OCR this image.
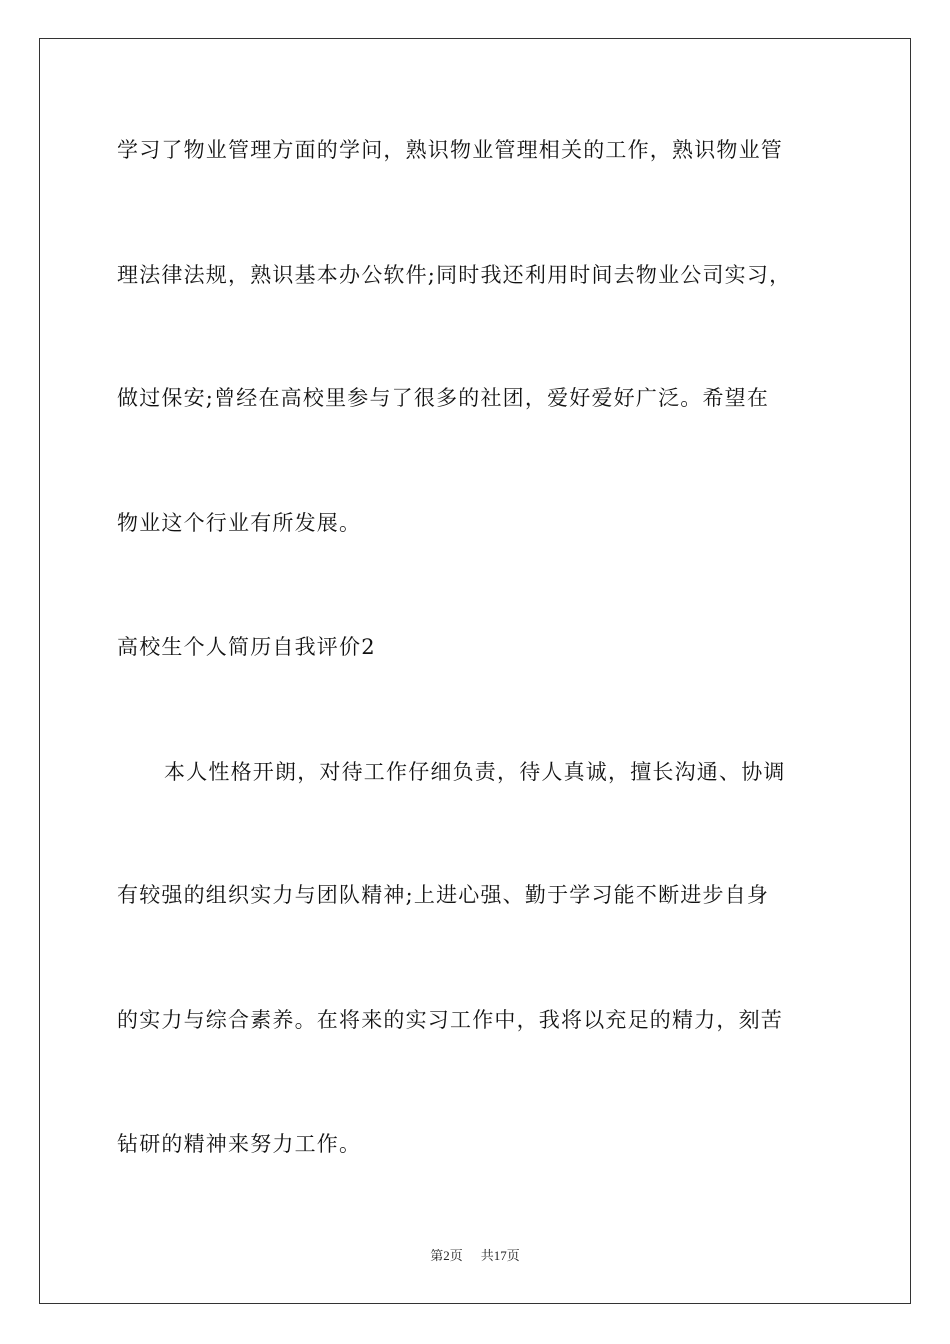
学习了物业管理方面的学问，熟识物业管理相关的工作，熟识物业管
理法律法规，熟识基本办公软件;同时我还利用时间去物业公司实习，
做过保安;曾经在高校里参与了很多的社团，爱好爱好广泛。希望在
物业这个行业有所发展。
高校生个人简历自我评价2
本人性格开朗，对待工作仔细负责，待人真诚，擅长沟通、协调
有较强的组织实力与团队精神;上进心强、勤于学习能不断进步自身
的实力与综合素养。在将来的实习工作中，我将以充足的精力，刻苦
钻研的精神来努力工作。
第2页 共17页
